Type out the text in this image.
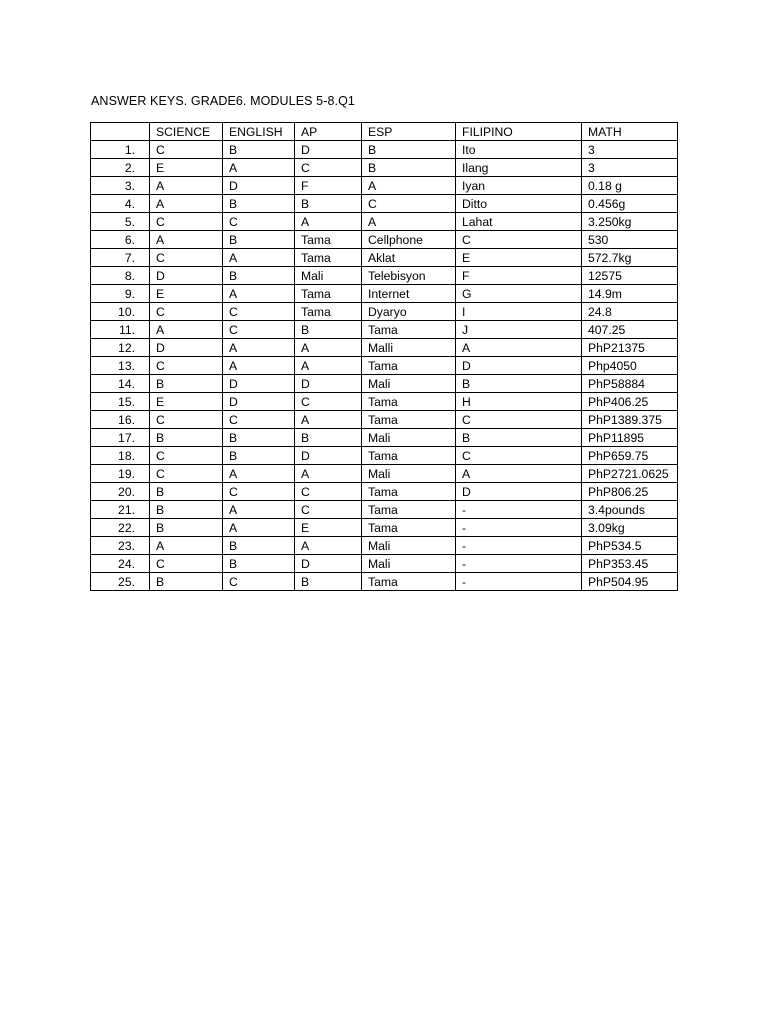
ANSWER KEYS. GRADE6. MODULES 5-8.Q1
	SCIENCE	ENGLISH	AP	ESP	FILIPINO	MATH
1.	C	B	D	B	Ito	3
2.	E	A	C	B	Ilang	3
3.	A	D	F	A	Iyan	0.18 g
4.	A	B	B	C	Ditto	0.456g
5.	C	C	A	A	Lahat	3.250kg
6.	A	B	Tama	Cellphone	C	530
7.	C	A	Tama	Aklat	E	572.7kg
8.	D	B	Mali	Telebisyon	F	12575
9.	E	A	Tama	Internet	G	14.9m
10.	C	C	Tama	Dyaryo	I	24.8
11.	A	C	B	Tama	J	407.25
12.	D	A	A	Malli	A	PhP21375
13.	C	A	A	Tama	D	Php4050
14.	B	D	D	Mali	B	PhP58884
15.	E	D	C	Tama	H	PhP406.25
16.	C	C	A	Tama	C	PhP1389.375
17.	B	B	B	Mali	B	PhP11895
18.	C	B	D	Tama	C	PhP659.75
19.	C	A	A	Mali	A	PhP2721.0625
20.	B	C	C	Tama	D	PhP806.25
21.	B	A	C	Tama	-	3.4pounds
22.	B	A	E	Tama	-	3.09kg
23.	A	B	A	Mali	-	PhP534.5
24.	C	B	D	Mali	-	PhP353.45
25.	B	C	B	Tama	-	PhP504.95
